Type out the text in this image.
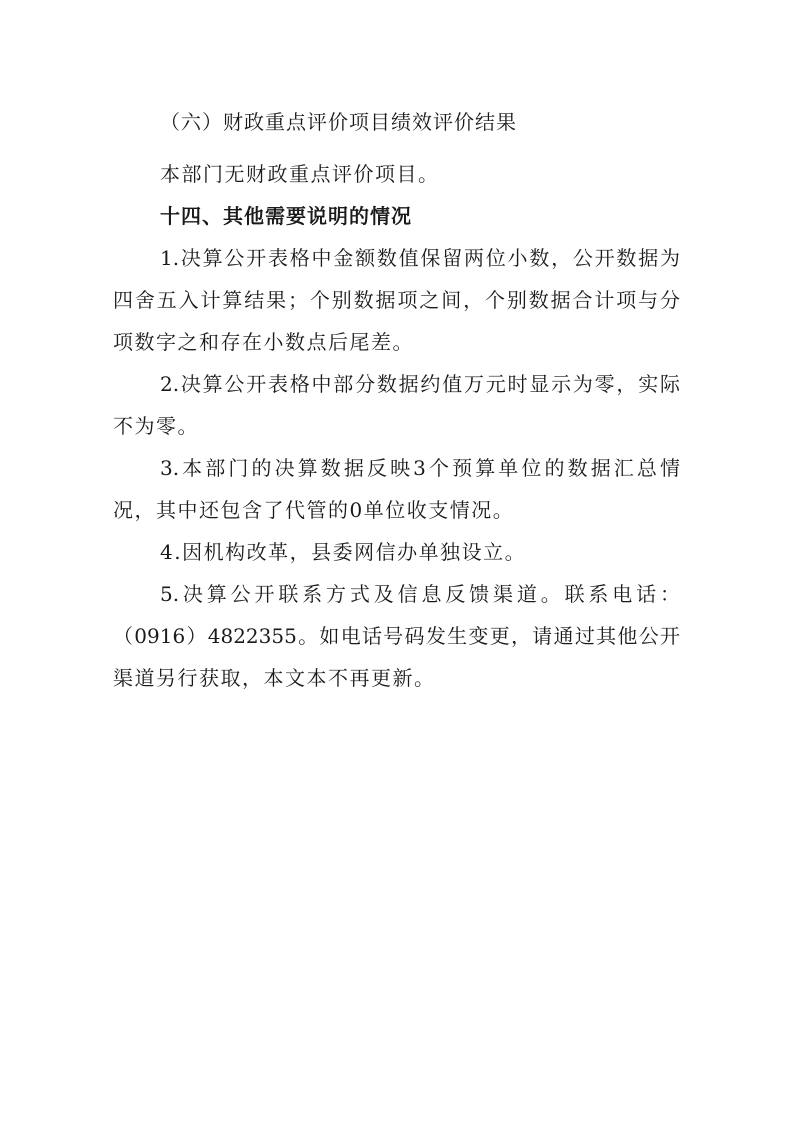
（六）财政重点评价项目绩效评价结果
本部门无财政重点评价项目。
十四、其他需要说明的情况
1.决算公开表格中金额数值保留两位小数，公开数据为
四舍五入计算结果；个别数据项之间，个别数据合计项与分
项数字之和存在小数点后尾差。
2.决算公开表格中部分数据约值万元时显示为零，实际
不为零。
3.本部门的决算数据反映3个预算单位的数据汇总情
况，其中还包含了代管的0单位收支情况。
4.因机构改革，县委网信办单独设立。
5.决算公开联系方式及信息反馈渠道。联系电话：
（0916）4822355。如电话号码发生变更，请通过其他公开
渠道另行获取，本文本不再更新。
